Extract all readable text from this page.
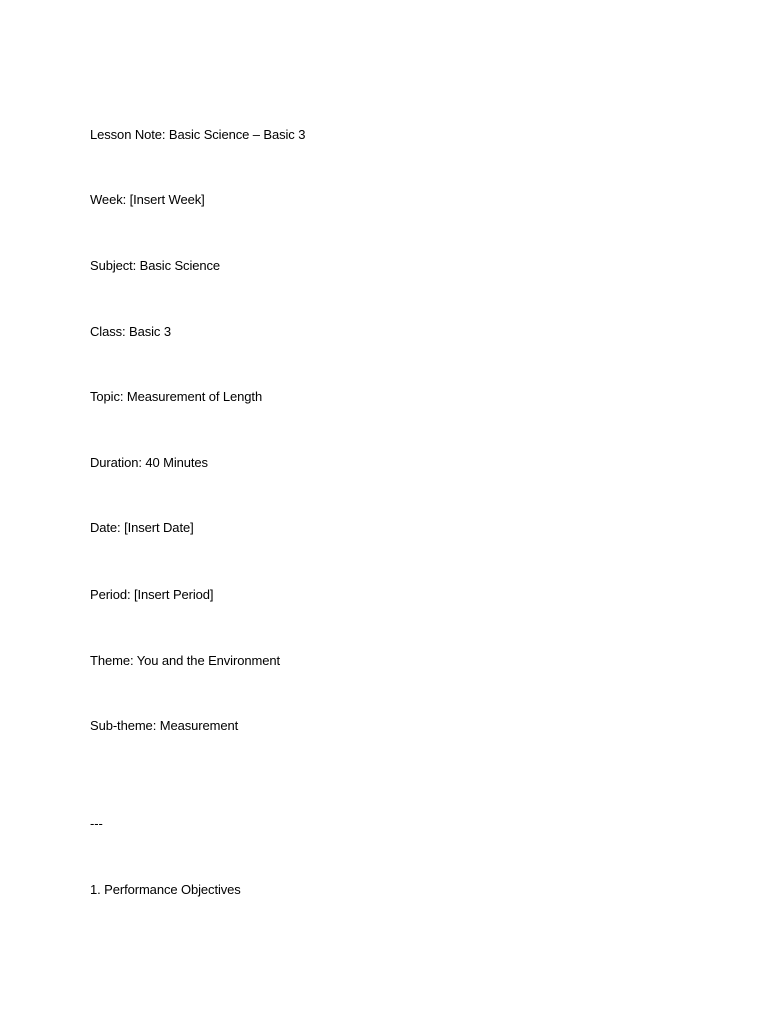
Lesson Note: Basic Science – Basic 3

Week: [Insert Week]

Subject: Basic Science

Class: Basic 3

Topic: Measurement of Length

Duration: 40 Minutes

Date: [Insert Date]

Period: [Insert Period]

Theme: You and the Environment

Sub-theme: Measurement

---

1. Performance Objectives
